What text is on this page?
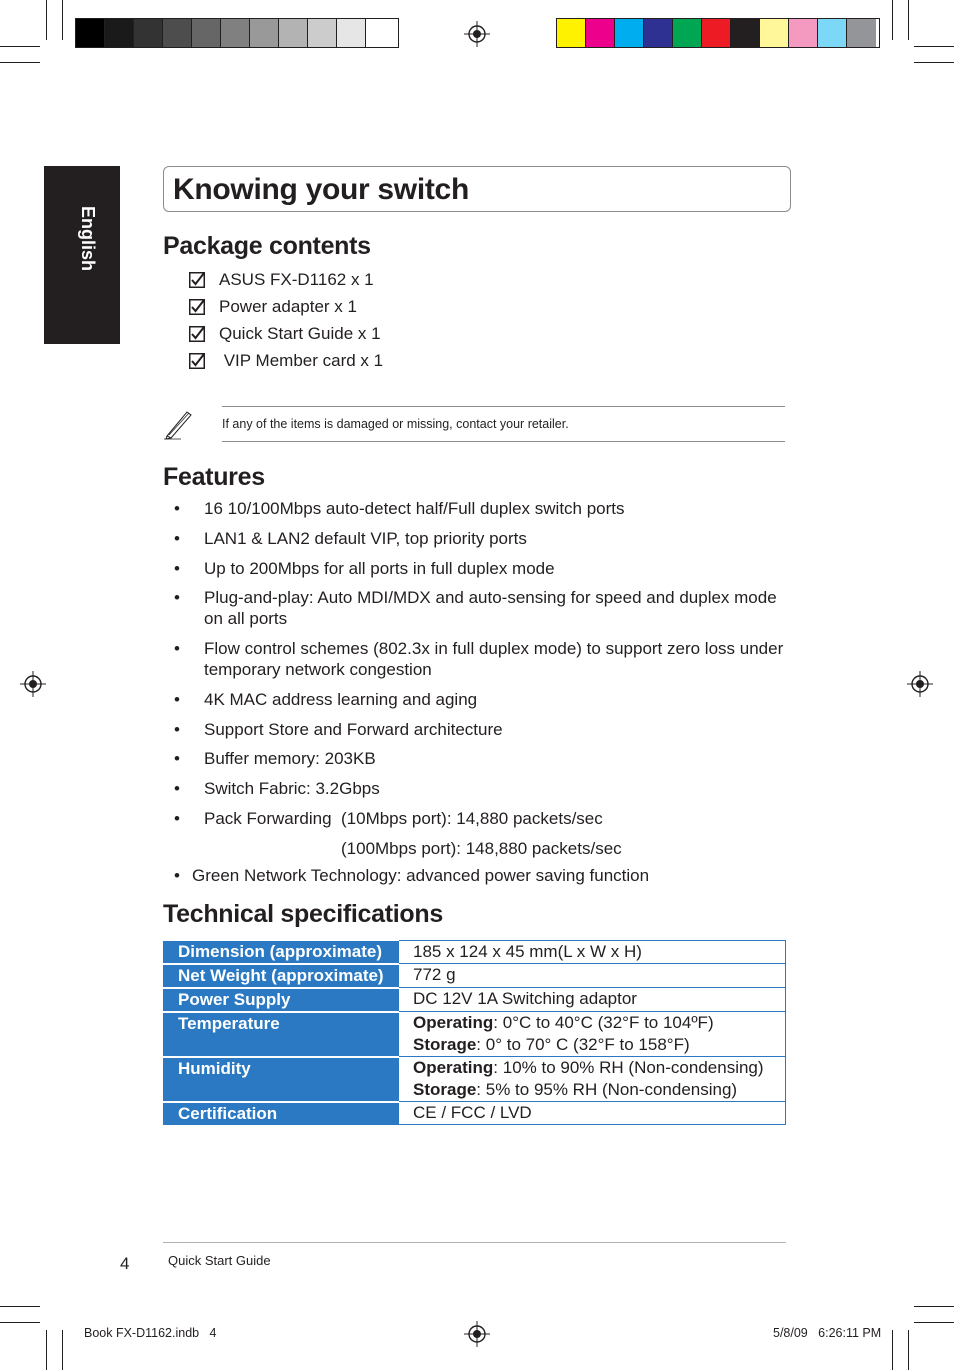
English
Knowing your switch
Package contents
ASUS FX-D1162 x 1
Power adapter x 1
Quick Start Guide x 1
VIP Member card x 1
If any of the items is damaged or missing, contact your retailer.
Features
• 16 10/100Mbps auto-detect half/Full duplex switch ports
• LAN1 & LAN2 default VIP, top priority ports
• Up to 200Mbps for all ports in full duplex mode
• Plug-and-play: Auto MDI/MDX and auto-sensing for speed and duplex mode
on all ports
• Flow control schemes (802.3x in full duplex mode) to support zero loss under
temporary network congestion
• 4K MAC address learning and aging
• Support Store and Forward architecture
• Buffer memory: 203KB
• Switch Fabric: 3.2Gbps
• Pack Forwarding  (10Mbps port): 14,880 packets/sec
(100Mbps port): 148,880 packets/sec
• Green Network Technology: advanced power saving function
Technical specifications
Dimension (approximate)	185 x 124 x 45 mm(L x W x H)
Net Weight (approximate)	772 g
Power Supply	DC 12V 1A Switching adaptor
Temperature	Operating: 0°C to 40°C (32°F to 104ºF)
Storage: 0° to 70° C (32°F to 158°F)

Humidity	Operating: 10% to 90% RH (Non-condensing)
Storage: 5% to 95% RH (Non-condensing)

Certification	CE / FCC / LVD
4	Quick Start Guide
Book FX-D1162.indb   4	5/8/09   6:26:11 PM
